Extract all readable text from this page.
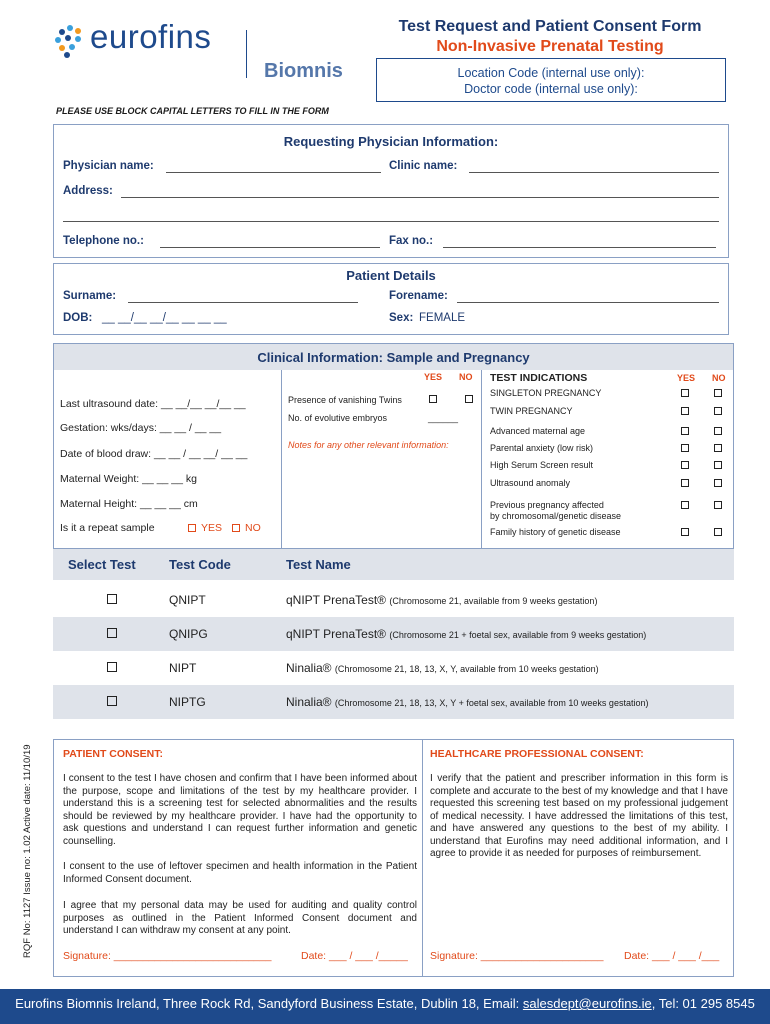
eurofins
Biomnis
Test Request and Patient Consent Form
Non-Invasive Prenatal Testing
Location Code (internal use only):
Doctor code (internal use only):
PLEASE USE BLOCK CAPITAL LETTERS TO FILL IN THE FORM
Requesting Physician Information:
Physician name:	Clinic name:
Address:
Telephone no.:	Fax no.:
Patient Details
Surname:	Forename:
DOB: __ __/__ __/__ __ __ __	Sex: FEMALE
Clinical Information: Sample and Pregnancy
YES NO
Last ultrasound date: __ __/__ __/__ __
Gestation: wks/days: __ __ / __ __
Date of blood draw: __ __ / __ __/ __ __
Maternal Weight: __ __ __ kg
Maternal Height: __ __ __ cm
Is it a repeat sample	YES NO
Presence of vanishing Twins
No. of evolutive embryos	______
Notes for any other relevant information:
TEST INDICATIONS	YES NO
SINGLETON PREGNANCY
TWIN PREGNANCY
Advanced maternal age
Parental anxiety (low risk)
High Serum Screen result
Ultrasound anomaly
Previous pregnancy affected
by chromosomal/genetic disease
Family history of genetic disease
Select Test	Test Code	Test Name
QNIPT	qNIPT PrenaTest® (Chromosome 21, available from 9 weeks gestation)
QNIPG	qNIPT PrenaTest® (Chromosome 21 + foetal sex, available from 9 weeks gestation)
NIPT	Ninalia® (Chromosome 21, 18, 13, X, Y, available from 10 weeks gestation)
NIPTG	Ninalia® (Chromosome 21, 18, 13, X, Y + foetal sex, available from 10 weeks gestation)
RQF No: 1127 Issue no: 1.02 Active date: 11/10/19	PATIENT CONSENT:
I consent to the test I have chosen and confirm that I have been informed about the purpose, scope and limitations of the test by my healthcare provider. I understand this is a screening test for selected abnormalities and the results should be reviewed by my healthcare provider. I have had the opportunity to ask questions and understand I can request further information and genetic counselling.
I consent to the use of leftover specimen and health information in the Patient Informed Consent document.
I agree that my personal data may be used for auditing and quality control purposes as outlined in the Patient Informed Consent document and understand I can withdraw my consent at any point.
Signature: ___________________________	Date: ___ / ___ /_____
HEALTHCARE PROFESSIONAL CONSENT:
I verify that the patient and prescriber information in this form is complete and accurate to the best of my knowledge and that I have requested this screening test based on my professional judgement of medical necessity. I have addressed the limitations of this test, and have answered any questions to the best of my ability. I understand that Eurofins may need additional information, and I agree to provide it as needed for purposes of reimbursement.
Signature: _____________________ Date: ___ / ___ /___
Eurofins Biomnis Ireland, Three Rock Rd, Sandyford Business Estate, Dublin 18, Email: salesdept@eurofins.ie, Tel: 01 295 8545
